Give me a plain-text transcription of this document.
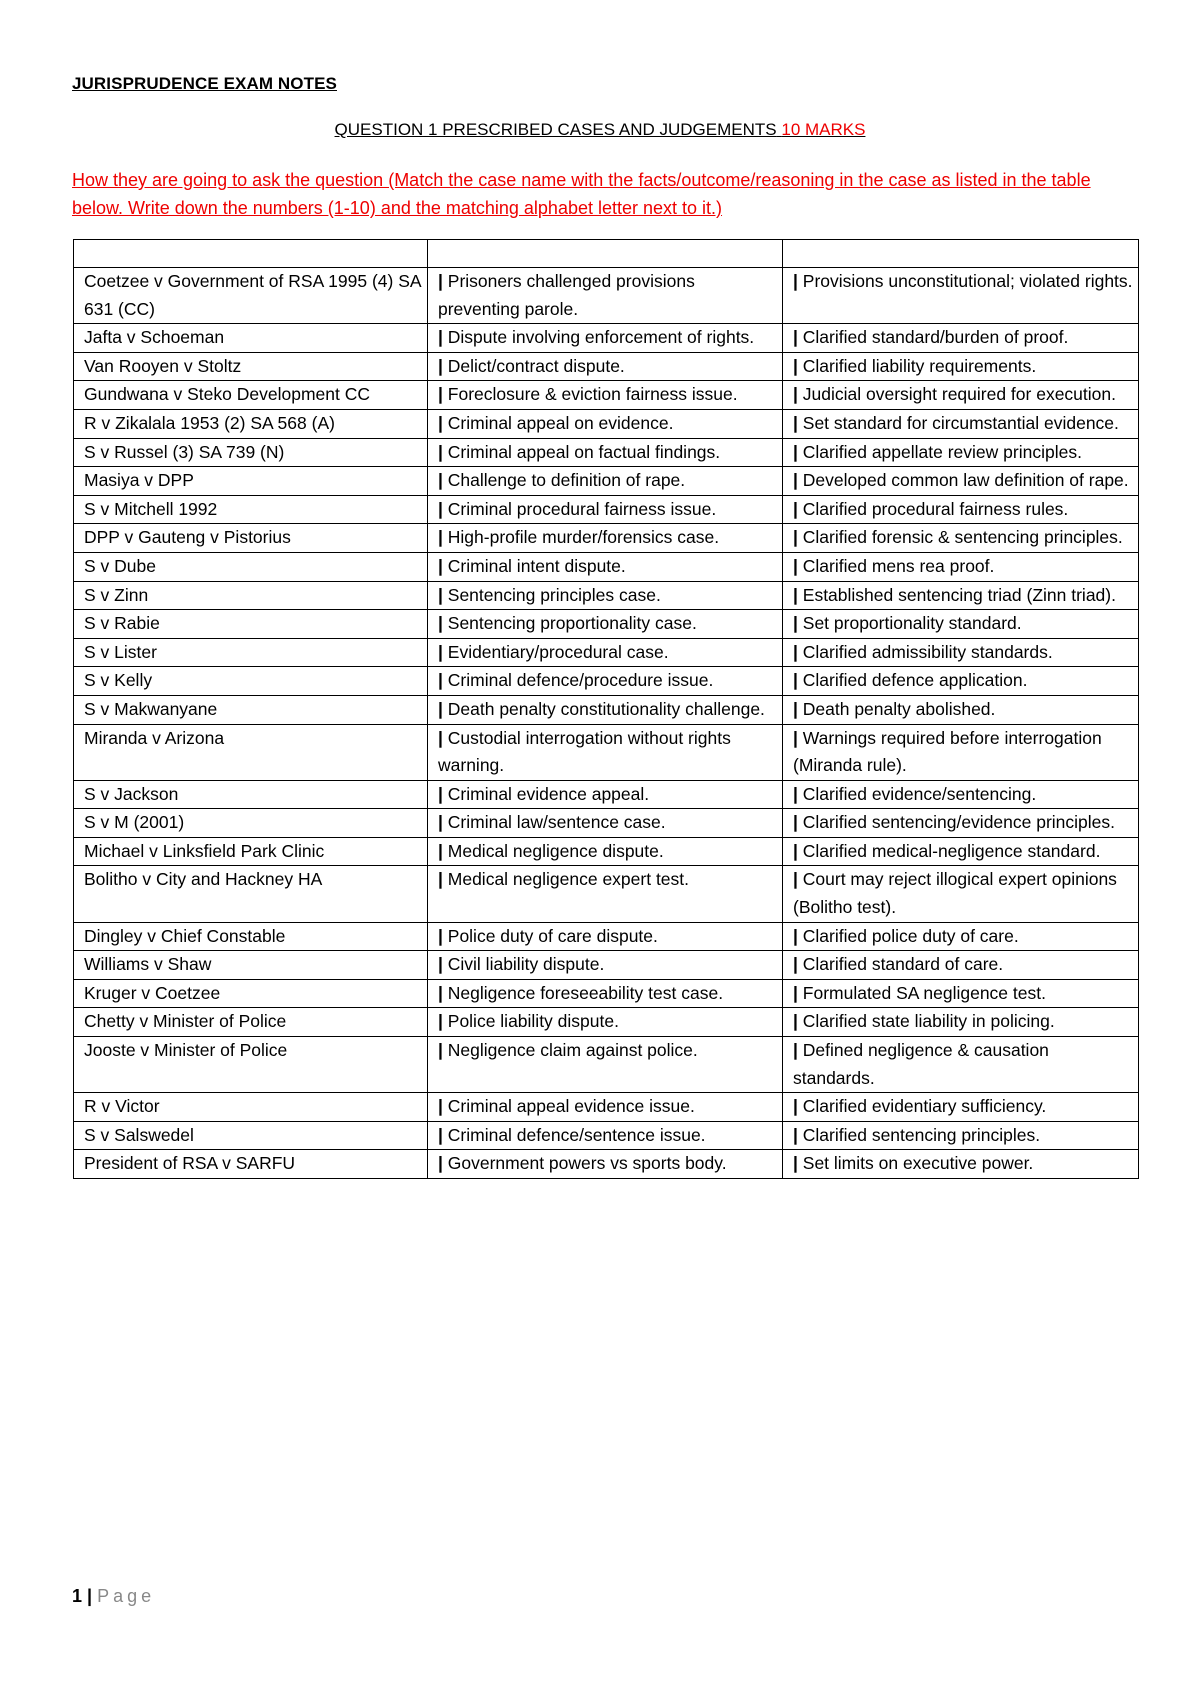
JURISPRUDENCE EXAM NOTES
QUESTION 1 PRESCRIBED CASES AND JUDGEMENTS 10 MARKS
How they are going to ask the question (Match the case name with the facts/outcome/reasoning in the case as listed in the table below. Write down the numbers (1-10) and the matching alphabet letter next to it.)

Coetzee v Government of RSA 1995 (4) SA 631 (CC)	| Prisoners challenged provisions preventing parole.	| Provisions unconstitutional; violated rights.
Jafta v Schoeman	| Dispute involving enforcement of rights.	| Clarified standard/burden of proof.
Van Rooyen v Stoltz	| Delict/contract dispute.	| Clarified liability requirements.
Gundwana v Steko Development CC	| Foreclosure & eviction fairness issue.	| Judicial oversight required for execution.
R v Zikalala 1953 (2) SA 568 (A)	| Criminal appeal on evidence.	| Set standard for circumstantial evidence.
S v Russel (3) SA 739 (N)	| Criminal appeal on factual findings.	| Clarified appellate review principles.
Masiya v DPP	| Challenge to definition of rape.	| Developed common law definition of rape.
S v Mitchell 1992	| Criminal procedural fairness issue.	| Clarified procedural fairness rules.
DPP v Gauteng v Pistorius	| High-profile murder/forensics case.	| Clarified forensic & sentencing principles.
S v Dube	| Criminal intent dispute.	| Clarified mens rea proof.
S v Zinn	| Sentencing principles case.	| Established sentencing triad (Zinn triad).
S v Rabie	| Sentencing proportionality case.	| Set proportionality standard.
S v Lister	| Evidentiary/procedural case.	| Clarified admissibility standards.
S v Kelly	| Criminal defence/procedure issue.	| Clarified defence application.
S v Makwanyane	| Death penalty constitutionality challenge.	| Death penalty abolished.
Miranda v Arizona	| Custodial interrogation without rights warning.	| Warnings required before interrogation (Miranda rule).
S v Jackson	| Criminal evidence appeal.	| Clarified evidence/sentencing.
S v M (2001)	| Criminal law/sentence case.	| Clarified sentencing/evidence principles.
Michael v Linksfield Park Clinic	| Medical negligence dispute.	| Clarified medical-negligence standard.
Bolitho v City and Hackney HA	| Medical negligence expert test.	| Court may reject illogical expert opinions (Bolitho test).
Dingley v Chief Constable	| Police duty of care dispute.	| Clarified police duty of care.
Williams v Shaw	| Civil liability dispute.	| Clarified standard of care.
Kruger v Coetzee	| Negligence foreseeability test case.	| Formulated SA negligence test.
Chetty v Minister of Police	| Police liability dispute.	| Clarified state liability in policing.
Jooste v Minister of Police	| Negligence claim against police.	| Defined negligence & causation standards.
R v Victor	| Criminal appeal evidence issue.	| Clarified evidentiary sufficiency.
S v Salswedel	| Criminal defence/sentence issue.	| Clarified sentencing principles.
President of RSA v SARFU	| Government powers vs sports body.	| Set limits on executive power.
1 | Page
